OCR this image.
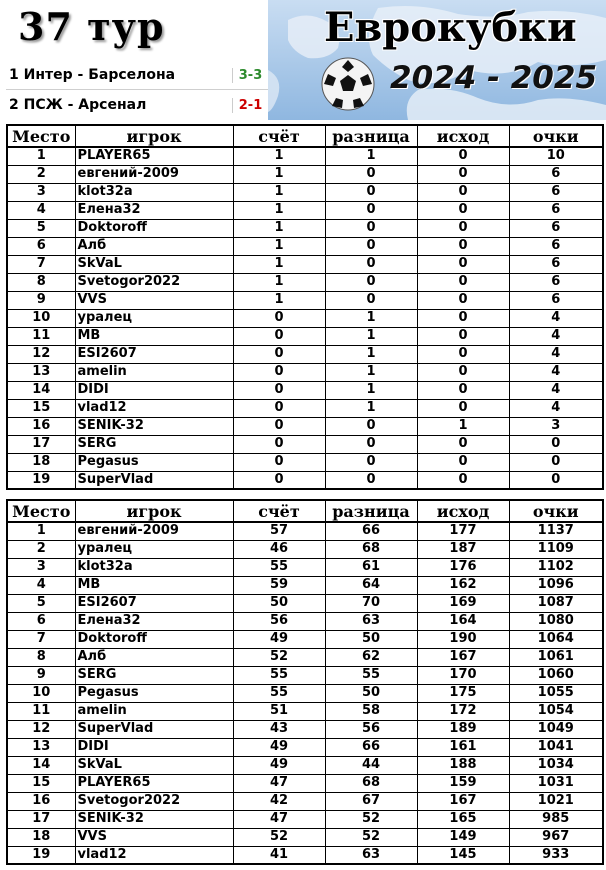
37 тур	Еврокубки
2024 - 2025
1 Интер - Барселона	3-3
2 ПСЖ - Арсенал	2-1
Место	игрок	счёт	разница	исход	очки
1	PLAYER65	1	1	0	10
2	евгений-2009	1	0	0	6
3	klot32a	1	0	0	6
4	Елена32	1	0	0	6
5	Doktoroff	1	0	0	6
6	Алб	1	0	0	6
7	SkVaL	1	0	0	6
8	Svetogor2022	1	0	0	6
9	VVS	1	0	0	6
10	уралец	0	1	0	4
11	MB	0	1	0	4
12	ESI2607	0	1	0	4
13	amelin	0	1	0	4
14	DIDI	0	1	0	4
15	vlad12	0	1	0	4
16	SENIK-32	0	0	1	3
17	SERG	0	0	0	0
18	Pegasus	0	0	0	0
19	SuperVlad	0	0	0	0
Место	игрок	счёт	разница	исход	очки
1	евгений-2009	57	66	177	1137
2	уралец	46	68	187	1109
3	klot32a	55	61	176	1102
4	MB	59	64	162	1096
5	ESI2607	50	70	169	1087
6	Елена32	56	63	164	1080
7	Doktoroff	49	50	190	1064
8	Алб	52	62	167	1061
9	SERG	55	55	170	1060
10	Pegasus	55	50	175	1055
11	amelin	51	58	172	1054
12	SuperVlad	43	56	189	1049
13	DIDI	49	66	161	1041
14	SkVaL	49	44	188	1034
15	PLAYER65	47	68	159	1031
16	Svetogor2022	42	67	167	1021
17	SENIK-32	47	52	165	985
18	VVS	52	52	149	967
19	vlad12	41	63	145	933
